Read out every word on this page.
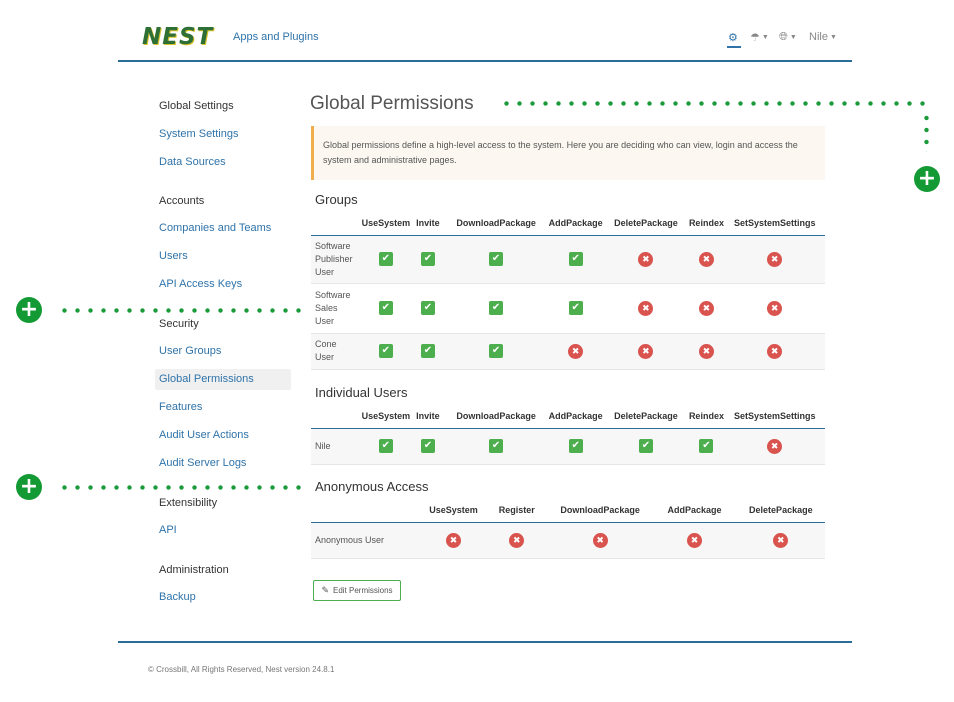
NEST Apps and Plugins	⚙ ☂ ▼ 🌐︎ ▼ Nile ▼
Global Settings
System Settings
Data Sources
Accounts
Companies and Teams
Users
API Access Keys
Security
User Groups
Global Permissions
Features
Audit User Actions
Audit Server Logs
Extensibility
API
Administration
Backup
Global Permissions
Global permissions define a high-level access to the system. Here you are deciding who can view, login and access the system and administrative pages.
Groups
	UseSystem	Invite	DownloadPackage	AddPackage	DeletePackage	Reindex	SetSystemSettings
Software
Publisher
User	✔	✔	✔	✔	✖	✖	✖
Software
Sales
User	✔	✔	✔	✔	✖	✖	✖
Cone
User	✔	✔	✔	✖	✖	✖	✖
Individual Users
	UseSystem	Invite	DownloadPackage	AddPackage	DeletePackage	Reindex	SetSystemSettings
Nile	✔	✔	✔	✔	✔	✔	✖
Anonymous Access
	UseSystem	Register	DownloadPackage	AddPackage	DeletePackage
Anonymous User	✖	✖	✖	✖	✖
✎ Edit Permissions
© Crossbill, All Rights Reserved, Nest version 24.8.1
+
+
+
